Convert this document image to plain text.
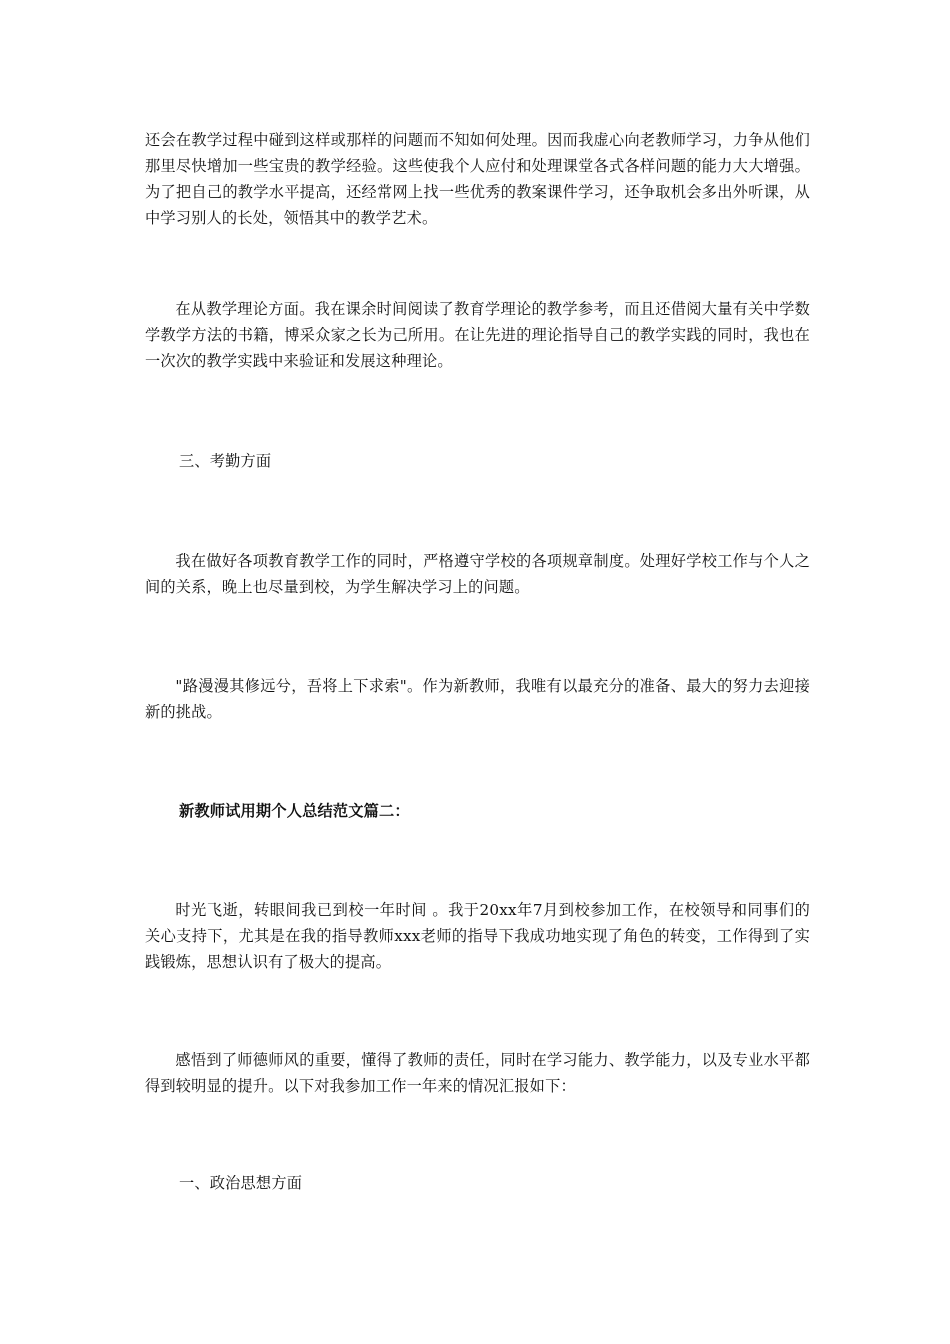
还会在教学过程中碰到这样或那样的问题而不知如何处理。因而我虚心向老教师学习，力争从他们那里尽快增加一些宝贵的教学经验。这些使我个人应付和处理课堂各式各样问题的能力大大增强。为了把自己的教学水平提高，还经常网上找一些优秀的教案课件学习，还争取机会多出外听课，从中学习别人的长处，领悟其中的教学艺术。

在从教学理论方面。我在课余时间阅读了教育学理论的教学参考，而且还借阅大量有关中学数学教学方法的书籍，博采众家之长为己所用。在让先进的理论指导自己的教学实践的同时，我也在一次次的教学实践中来验证和发展这种理论。

三、考勤方面

我在做好各项教育教学工作的同时，严格遵守学校的各项规章制度。处理好学校工作与个人之间的关系，晚上也尽量到校，为学生解决学习上的问题。

"路漫漫其修远兮，吾将上下求索"。作为新教师，我唯有以最充分的准备、最大的努力去迎接新的挑战。

新教师试用期个人总结范文篇二：

时光飞逝，转眼间我已到校一年时间 。我于20xx年7月到校参加工作，在校领导和同事们的关心支持下，尤其是在我的指导教师xxx老师的指导下我成功地实现了角色的转变，工作得到了实践锻炼，思想认识有了极大的提高。

感悟到了师德师风的重要，懂得了教师的责任，同时在学习能力、教学能力，以及专业水平都得到较明显的提升。以下对我参加工作一年来的情况汇报如下：

一、政治思想方面
